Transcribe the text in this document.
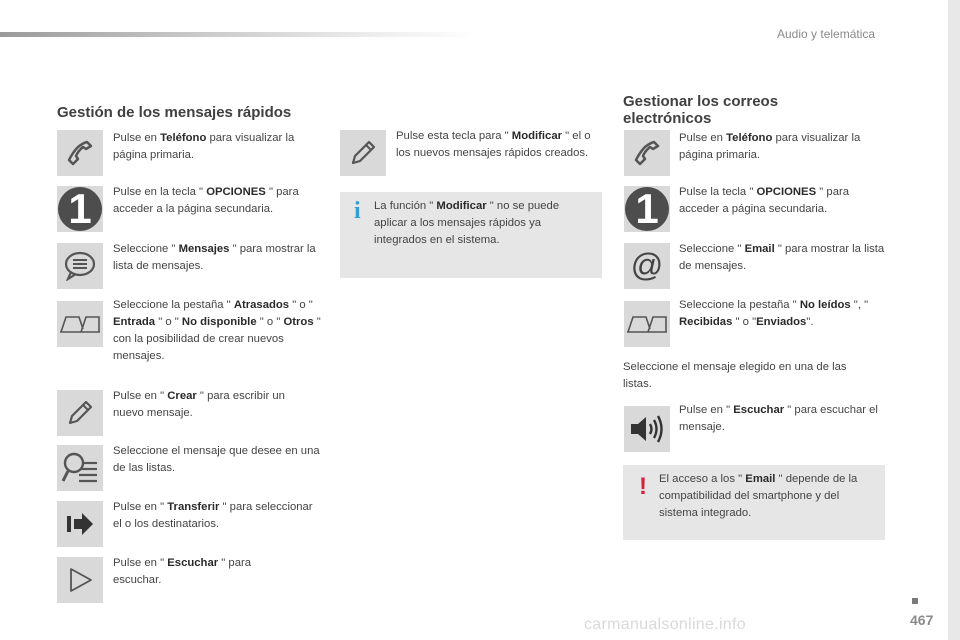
Audio y telemática
Gestión de los mensajes rápidos
Pulse en Teléfono para visualizar la página primaria.
1 Pulse en la tecla " OPCIONES " para acceder a la página secundaria.
Seleccione " Mensajes " para mostrar la lista de mensajes.
Seleccione la pestaña " Atrasados " o " Entrada " o " No disponible " o " Otros " con la posibilidad de crear nuevos mensajes.
Pulse en " Crear " para escribir un nuevo mensaje.
Seleccione el mensaje que desee en una de las listas.
Pulse en " Transferir " para seleccionar el o los destinatarios.
Pulse en " Escuchar " para escuchar.
Pulse esta tecla para " Modificar " el o los nuevos mensajes rápidos creados.
i La función " Modificar " no se puede aplicar a los mensajes rápidos ya integrados en el sistema.
Gestionar los correos
electrónicos
Pulse en Teléfono para visualizar la página primaria.
1 Pulse la tecla " OPCIONES " para acceder a página secundaria.
@ Seleccione " Email " para mostrar la lista de mensajes.
Seleccione la pestaña " No leídos ", " Recibidas " o "Enviados".
Seleccione el mensaje elegido en una de las listas.
Pulse en " Escuchar " para escuchar el mensaje.
! El acceso a los " Email " depende de la compatibilidad del smartphone y del sistema integrado.
467
carmanualsonline.info
